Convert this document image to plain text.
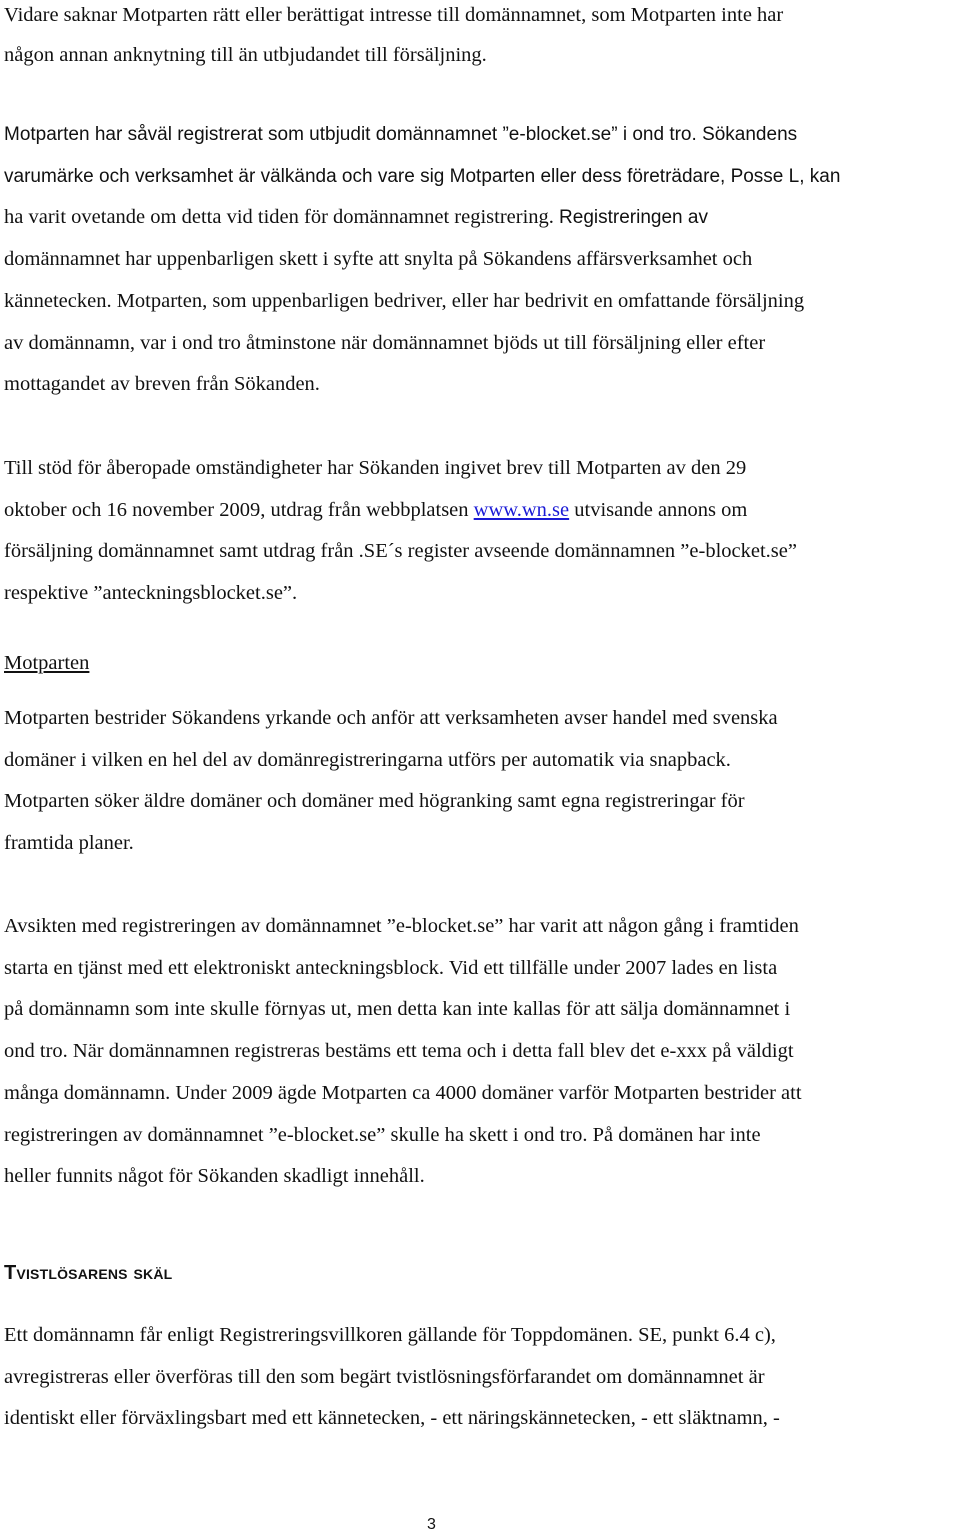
Vidare saknar Motparten rätt eller berättigat intresse till domännamnet, som Motparten inte har
någon annan anknytning till än utbjudandet till försäljning.
Motparten har såväl registrerat som utbjudit domännamnet ”e-blocket.se” i ond tro. Sökandens
varumärke och verksamhet är välkända och vare sig Motparten eller dess företrädare, Posse L, kan
ha varit ovetande om detta vid tiden för domännamnet registrering. Registreringen av
domännamnet har uppenbarligen skett i syfte att snylta på Sökandens affärsverksamhet och
kännetecken. Motparten, som uppenbarligen bedriver, eller har bedrivit en omfattande försäljning
av domännamn, var i ond tro åtminstone när domännamnet bjöds ut till försäljning eller efter
mottagandet av breven från Sökanden.
Till stöd för åberopade omständigheter har Sökanden ingivet brev till Motparten av den 29
oktober och 16 november 2009, utdrag från webbplatsen www.wn.se utvisande annons om
försäljning domännamnet samt utdrag från .SE´s register avseende domännamnen ”e-blocket.se”
respektive ”anteckningsblocket.se”.
Motparten
Motparten bestrider Sökandens yrkande och anför att verksamheten avser handel med svenska
domäner i vilken en hel del av domänregistreringarna utförs per automatik via snapback.
Motparten söker äldre domäner och domäner med högranking samt egna registreringar för
framtida planer.
Avsikten med registreringen av domännamnet ”e-blocket.se” har varit att någon gång i framtiden
starta en tjänst med ett elektroniskt anteckningsblock. Vid ett tillfälle under 2007 lades en lista
på domännamn som inte skulle förnyas ut, men detta kan inte kallas för att sälja domännamnet i
ond tro. När domännamnen registreras bestäms ett tema och i detta fall blev det e-xxx på väldigt
många domännamn. Under 2009 ägde Motparten ca 4000 domäner varför Motparten bestrider att
registreringen av domännamnet ”e-blocket.se” skulle ha skett i ond tro. På domänen har inte
heller funnits något för Sökanden skadligt innehåll.
Ett domännamn får enligt Registreringsvillkoren gällande för Toppdomänen. SE, punkt 6.4 c),
avregistreras eller överföras till den som begärt tvistlösningsförfarandet om domännamnet är
identiskt eller förväxlingsbart med ett kännetecken, - ett näringskännetecken, - ett släktnamn, -
Tvistlösarens skäl
3
